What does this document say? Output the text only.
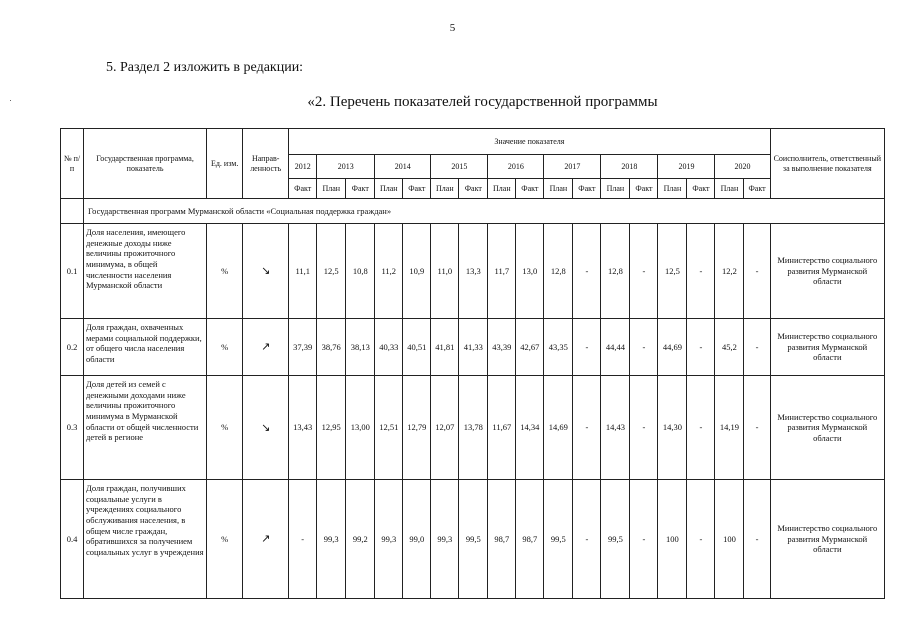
5
5. Раздел 2 изложить в редакции:
«2. Перечень показателей государственной программы
№ п/п	Государственная программа, показатель	Ед. изм.	Направ-ленность	Значение показателя																	Соисполнитель, ответственный за выполнение показателя
				2012	2013		2014		2015		2016		2017		2018		2019		2020		
				Факт	План	Факт	План	Факт	План	Факт	План	Факт	План	Факт	План	Факт	План	Факт	План	Факт	
	Государственная программ Мурманской области «Социальная поддержка граждан»																				
0.1	Доля населения, имеющего денежные доходы ниже величины прожиточного минимума, в общей численности населения Мурманской области	%	↘	11,1	12,5	10,8	11,2	10,9	11,0	13,3	11,7	13,0	12,8	-	12,8	-	12,5	-	12,2	-	Министерство социального развития Мурманской области
0.2	Доля граждан, охваченных мерами социальной поддержки, от общего числа населения области	%	↗	37,39	38,76	38,13	40,33	40,51	41,81	41,33	43,39	42,67	43,35	-	44,44	-	44,69	-	45,2	-	Министерство социального развития Мурманской области
0.3	Доля детей из семей с денежными доходами ниже величины прожиточного минимума в Мурманской области от общей численности детей в регионе	%	↘	13,43	12,95	13,00	12,51	12,79	12,07	13,78	11,67	14,34	14,69	-	14,43	-	14,30	-	14,19	-	Министерство социального развития Мурманской области
0.4	Доля граждан, получивших социальные услуги в учреждениях социального обслуживания населения, в общем числе граждан, обратившихся за получением социальных услуг в учреждения	%	↗	-	99,3	99,2	99,3	99,0	99,3	99,5	98,7	98,7	99,5	-	99,5	-	100	-	100	-	Министерство социального развития Мурманской области
